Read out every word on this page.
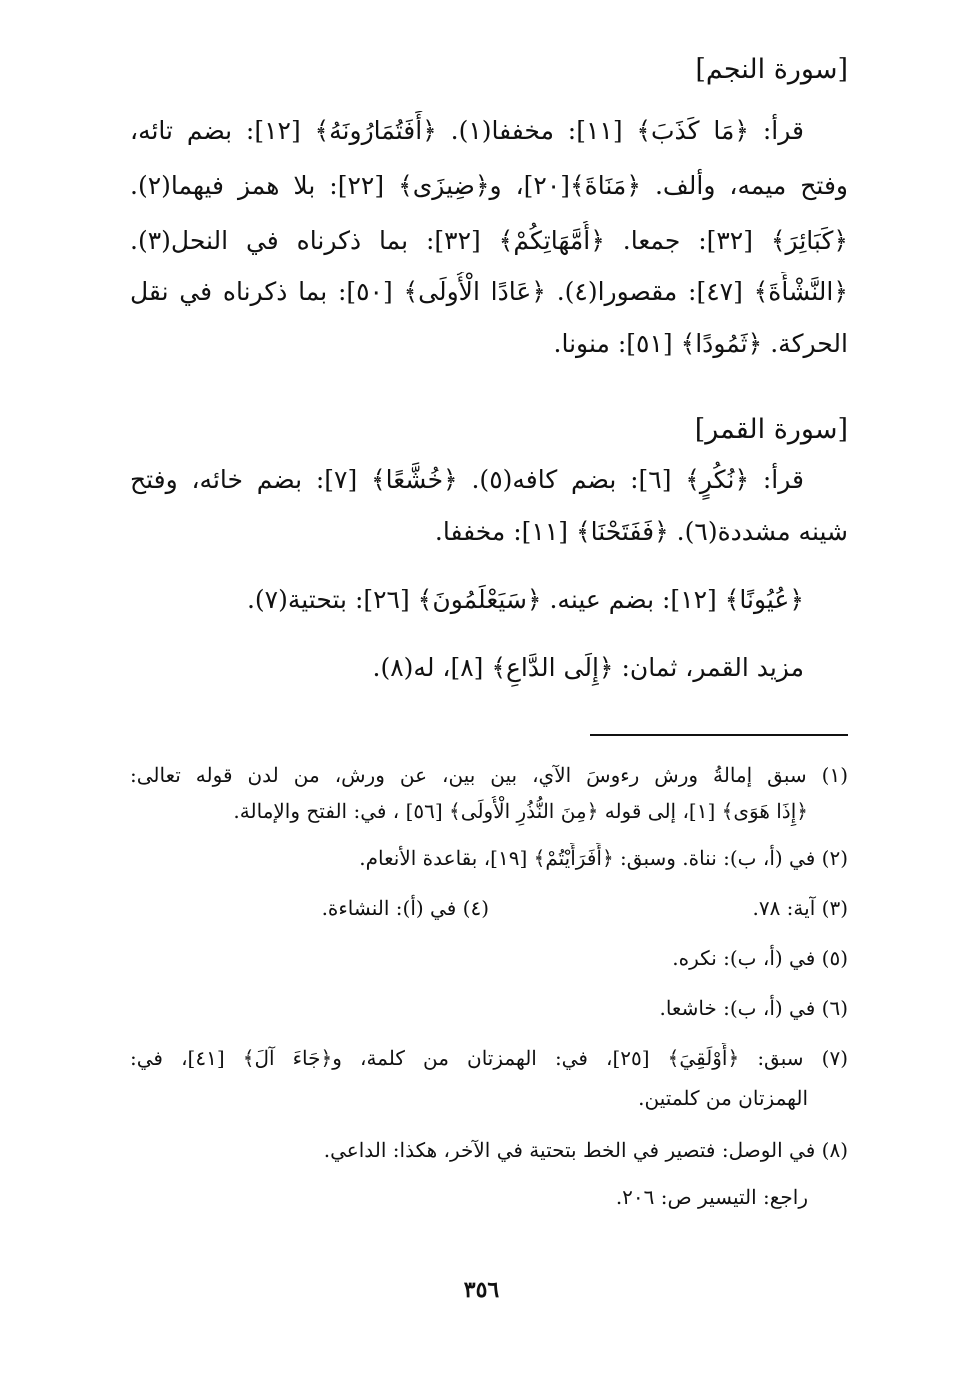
[سورة النجم]
قرأ: ﴿مَا كَذَبَ﴾ [١١]: مخففا(١). ﴿أَفَتُمَارُونَهُ﴾ [١٢]: بضم تائه،
وفتح ميمه، وألف. ﴿مَنَاةَ﴾[٢٠]، و﴿ضِيزَى﴾ [٢٢]: بلا همز فيهما(٢).
﴿كَبَائِرَ﴾ [٣٢]: جمعا. ﴿أُمَّهَاتِكُمْ﴾ [٣٢]: بما ذكرناه في النحل(٣).
﴿النَّشْأَةَ﴾ [٤٧]: مقصورا(٤). ﴿عَادًا الْأُولَى﴾ [٥٠]: بما ذكرناه في نقل
الحركة. ﴿ثَمُودًا﴾ [٥١]: منونا.
[سورة القمر]
قرأ: ﴿نُكُرٍ﴾ [٦]: بضم كافه(٥). ﴿خُشَّعًا﴾ [٧]: بضم خائه، وفتح
شينه مشددة(٦). ﴿فَفَتَحْنَا﴾ [١١]: مخففا.
﴿عُيُونًا﴾ [١٢]: بضم عينه. ﴿سَيَعْلَمُونَ﴾ [٢٦]: بتحتية(٧).
مزيد القمر، ثمان: ﴿إِلَى الدَّاعِ﴾ [٨]، له(٨).
(١) سبق إمالةُ ورش رءوسَ الآي، بين بين، عن ورش، من لدن قوله تعالى:
﴿إِذَا هَوَى﴾ [١]، إلى قوله ﴿مِنَ النُّذُرِ الْأُولَى﴾ [٥٦] ، في: الفتح والإمالة.
(٢) في (أ، ب): نناة. وسبق: ﴿أَفَرَأَيْتُمْ﴾ [١٩]، بقاعدة الأنعام.
(٣) آية: ٧٨.
(٤) في (أ): النشاءة.
(٥) في (أ، ب): نكره.
(٦) في (أ، ب): خاشعا.
(٧) سبق: ﴿أَوْلَقِيَ﴾ [٢٥]، في: الهمزتان من كلمة، و﴿جَاءَ آلَ﴾ [٤١]، في:
الهمزتان من كلمتين.
(٨) في الوصل: فتصير في الخط بتحتية في الآخر، هكذا: الداعي.
راجع: التيسير ص: ٢٠٦.
٣٥٦
